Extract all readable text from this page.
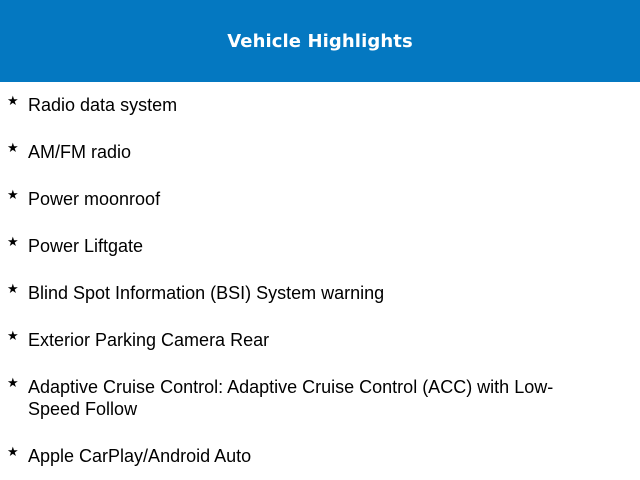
Vehicle Highlights
★ Radio data system
★ AM/FM radio
★ Power moonroof
★ Power Liftgate
★ Blind Spot Information (BSI) System warning
★ Exterior Parking Camera Rear
★ Adaptive Cruise Control: Adaptive Cruise Control (ACC) with Low-Speed Follow
★ Apple CarPlay/Android Auto
